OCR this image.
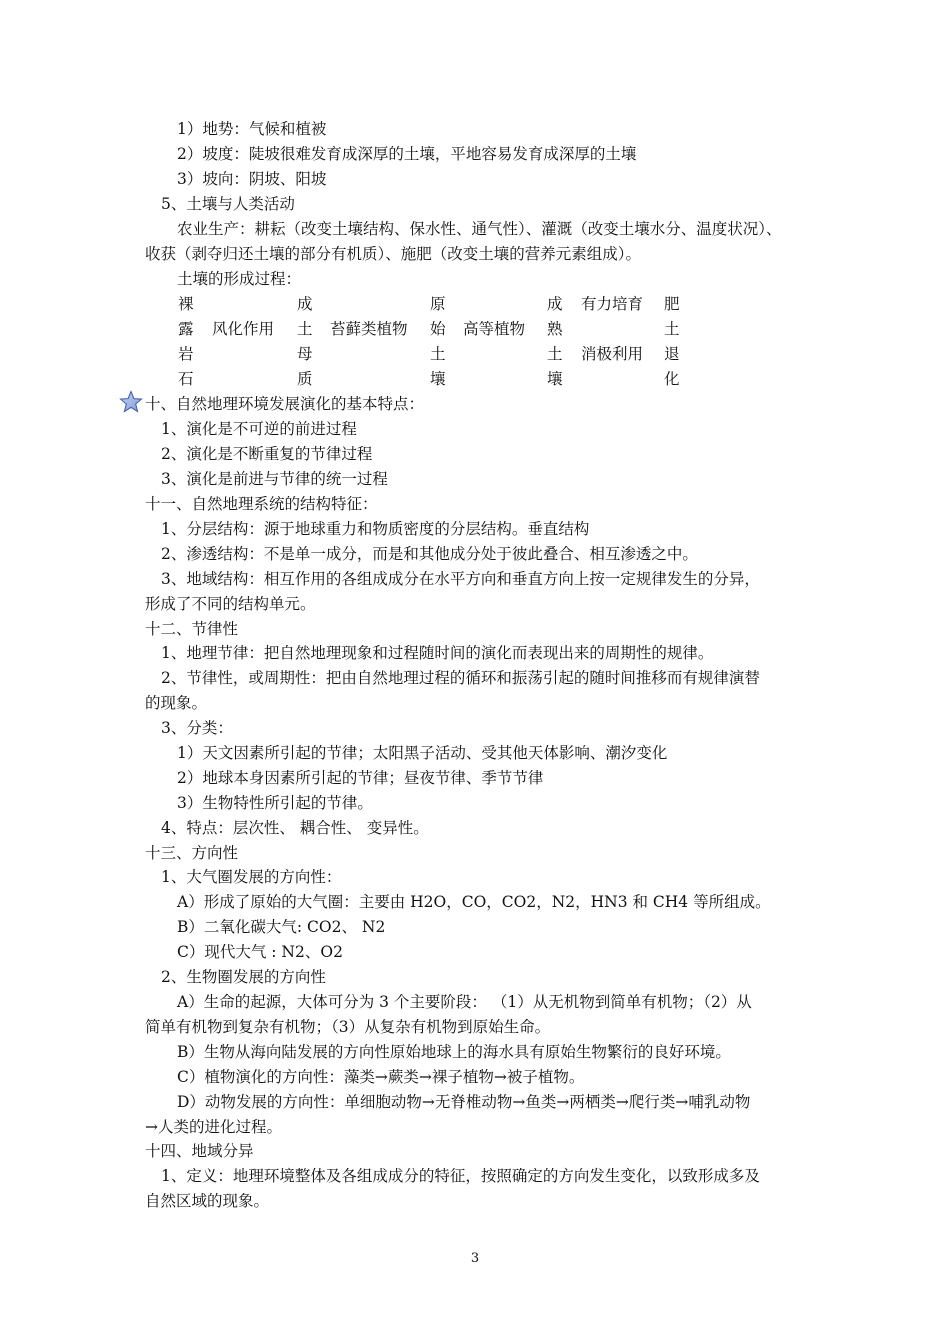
1）地势：气候和植被
2）坡度：陡坡很难发育成深厚的土壤，平地容易发育成深厚的土壤
3）坡向：阴坡、阳坡
5、土壤与人类活动
农业生产：耕耘（改变土壤结构、保水性、通气性）、灌溉（改变土壤水分、温度状况）、
收获（剥夺归还土壤的部分有机质）、施肥（改变土壤的营养元素组成）。
土壤的形成过程：
裸
露
岩
石
风化作用
成
土
母
质
苔藓类植物
原
始
土
壤
高等植物
成
熟
土
壤
有力培育
消极利用
肥
土
退
化
十、自然地理环境发展演化的基本特点：
1、演化是不可逆的前进过程
2、演化是不断重复的节律过程
3、演化是前进与节律的统一过程
十一、自然地理系统的结构特征：
1、分层结构：源于地球重力和物质密度的分层结构。垂直结构
2、渗透结构：不是单一成分，而是和其他成分处于彼此叠合、相互渗透之中。
3、地域结构：相互作用的各组成成分在水平方向和垂直方向上按一定规律发生的分异，
形成了不同的结构单元。
十二、节律性
1、地理节律：把自然地理现象和过程随时间的演化而表现出来的周期性的规律。
2、节律性，或周期性：把由自然地理过程的循环和振荡引起的随时间推移而有规律演替
的现象。
3、分类：
1）天文因素所引起的节律；太阳黑子活动、受其他天体影响、潮汐变化
2）地球本身因素所引起的节律；昼夜节律、季节节律
3）生物特性所引起的节律。
4、特点：层次性、 耦合性、 变异性。
十三、方向性
1、大气圈发展的方向性：
A）形成了原始的大气圈：主要由 H2O，CO，CO2，N2，HN3 和 CH4 等所组成。
B）二氧化碳大气: CO2、 N2
C）现代大气 : N2、O2
2、生物圈发展的方向性
A）生命的起源，大体可分为 3 个主要阶段： （1）从无机物到简单有机物；（2）从
简单有机物到复杂有机物；（3）从复杂有机物到原始生命。
B）生物从海向陆发展的方向性原始地球上的海水具有原始生物繁衍的良好环境。
C）植物演化的方向性：藻类→蕨类→裸子植物→被子植物。
D）动物发展的方向性：单细胞动物→无脊椎动物→鱼类→两栖类→爬行类→哺乳动物
→人类的进化过程。
十四、地域分异
1、定义：地理环境整体及各组成成分的特征，按照确定的方向发生变化，以致形成多及
自然区域的现象。
3
